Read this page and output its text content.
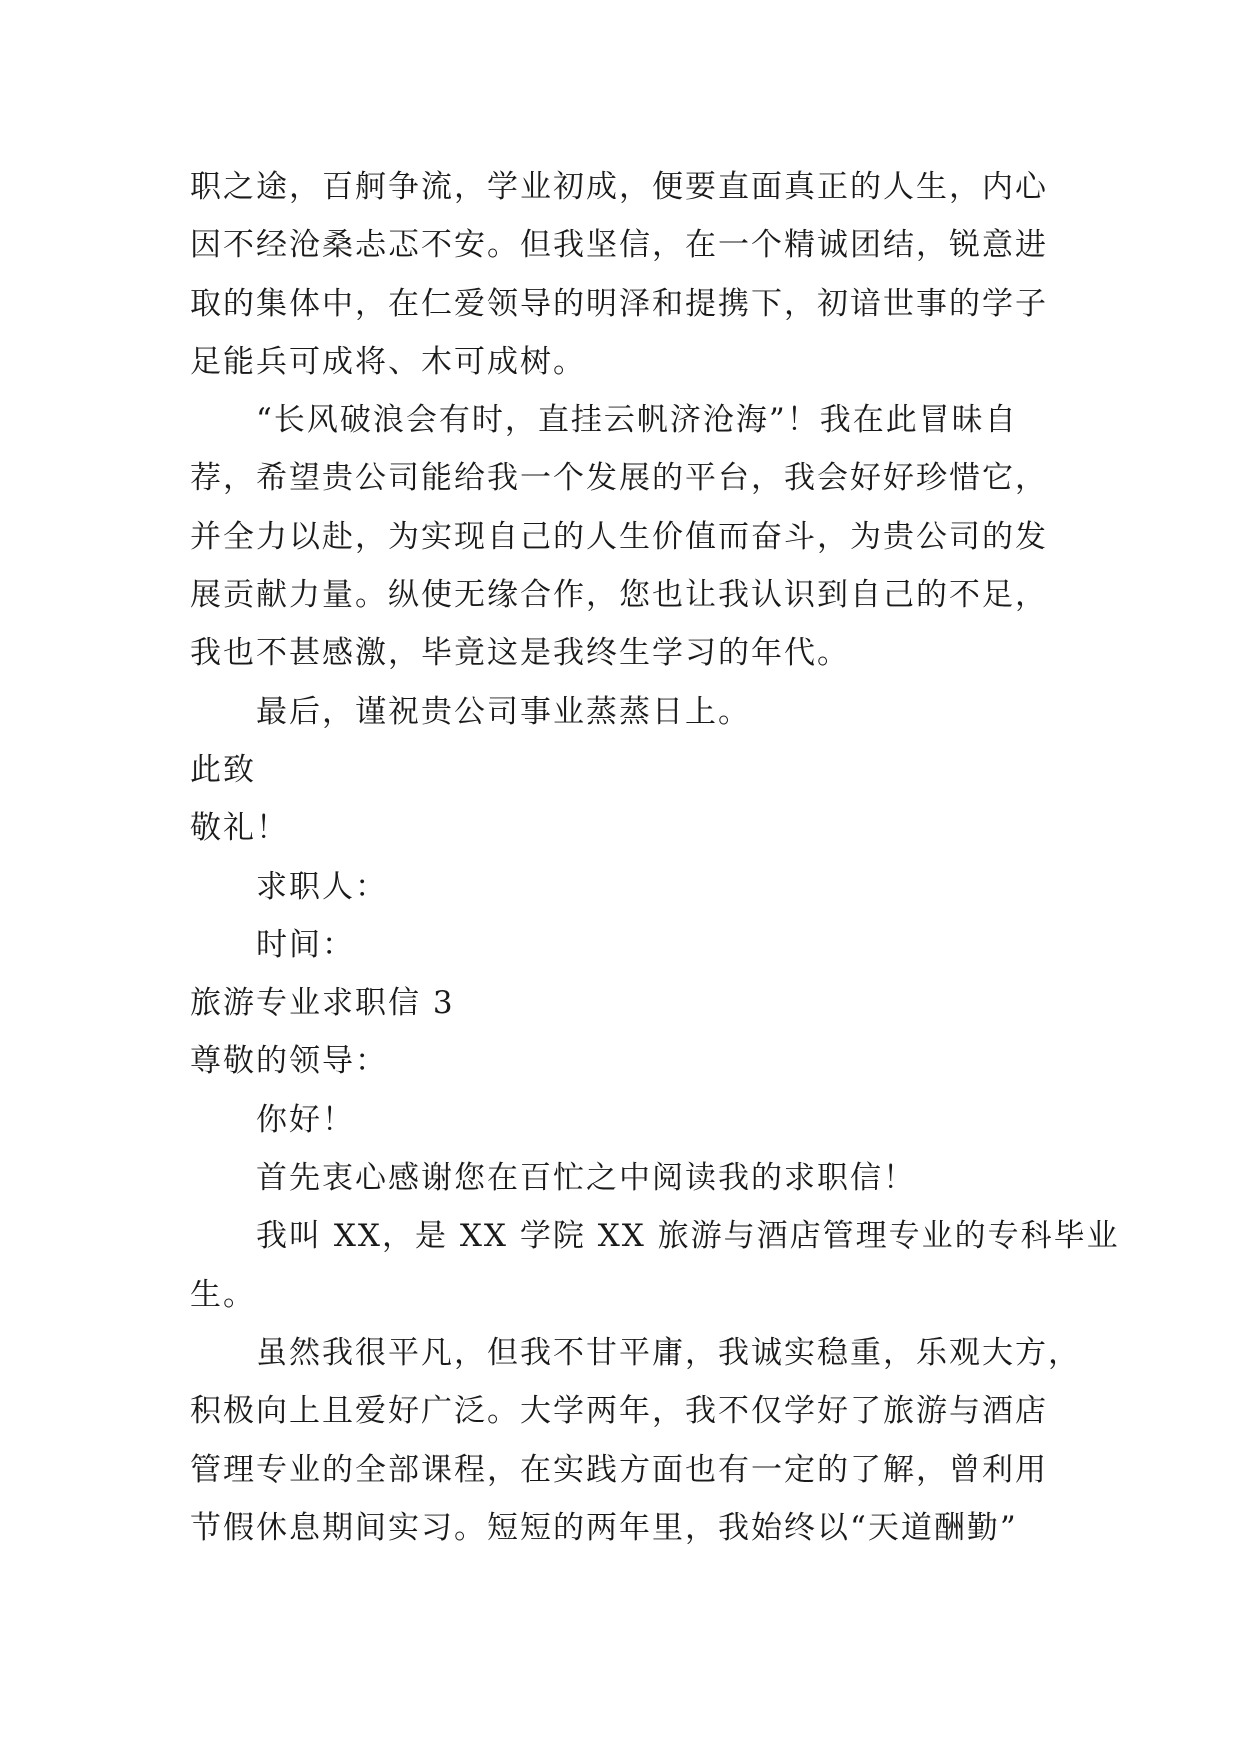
职之途，百舸争流，学业初成，便要直面真正的人生，内心
因不经沧桑忐忑不安。但我坚信，在一个精诚团结，锐意进
取的集体中，在仁爱领导的明泽和提携下，初谙世事的学子
足能兵可成将、木可成树。
“长风破浪会有时，直挂云帆济沧海”！我在此冒昧自
荐，希望贵公司能给我一个发展的平台，我会好好珍惜它，
并全力以赴，为实现自己的人生价值而奋斗，为贵公司的发
展贡献力量。纵使无缘合作，您也让我认识到自己的不足，
我也不甚感激，毕竟这是我终生学习的年代。
最后，谨祝贵公司事业蒸蒸日上。
此致
敬礼！
求职人：
时间：
旅游专业求职信 3
尊敬的领导：
你好！
首先衷心感谢您在百忙之中阅读我的求职信！
我叫 XX，是 XX 学院 XX 旅游与酒店管理专业的专科毕业
生。
虽然我很平凡，但我不甘平庸，我诚实稳重，乐观大方，
积极向上且爱好广泛。大学两年，我不仅学好了旅游与酒店
管理专业的全部课程，在实践方面也有一定的了解，曾利用
节假休息期间实习。短短的两年里，我始终以“天道酬勤”
